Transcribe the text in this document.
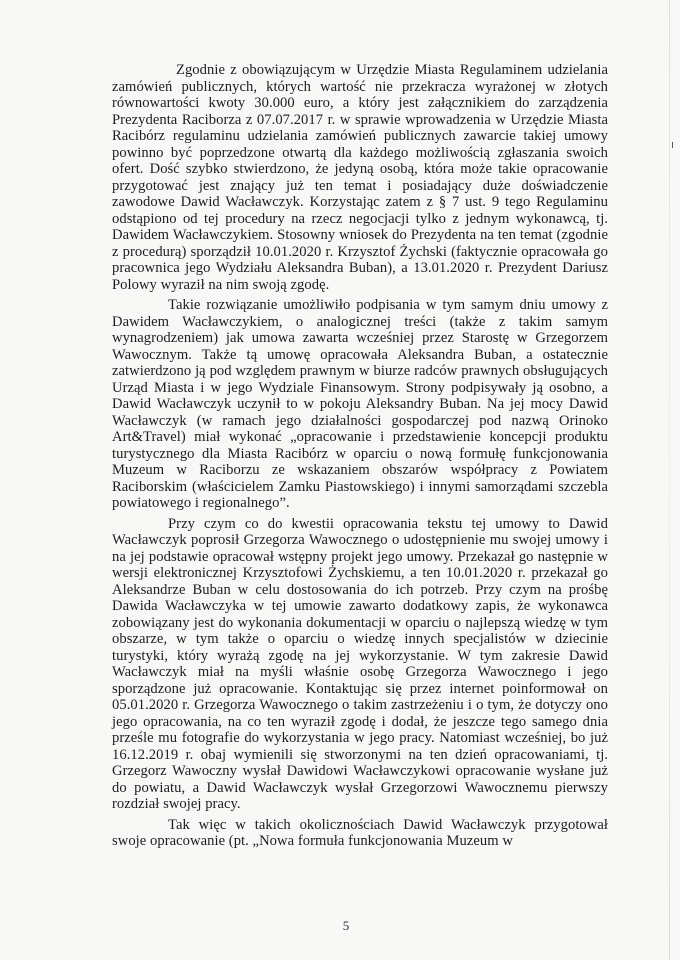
Zgodnie z obowiązującym w Urzędzie Miasta Regulaminem udzielania zamówień publicznych, których wartość nie przekracza wyrażonej w złotych równowartości kwoty 30.000 euro, a który jest załącznikiem do zarządzenia Prezydenta Raciborza z 07.07.2017 r. w sprawie wprowadzenia w Urzędzie Miasta Racibórz regulaminu udzielania zamówień publicznych zawarcie takiej umowy powinno być poprzedzone otwartą dla każdego możliwością zgłaszania swoich ofert. Dość szybko stwierdzono, że jedyną osobą, która może takie opracowanie przygotować jest znający już ten temat i posiadający duże doświadczenie zawodowe Dawid Wacławczyk. Korzystając zatem z § 7 ust. 9 tego Regulaminu odstąpiono od tej procedury na rzecz negocjacji tylko z jednym wykonawcą, tj. Dawidem Wacławczykiem. Stosowny wniosek do Prezydenta na ten temat (zgodnie z procedurą) sporządził 10.01.2020 r. Krzysztof Żychski (faktycznie opracowała go pracownica jego Wydziału Aleksandra Buban), a 13.01.2020 r. Prezydent Dariusz Polowy wyraził na nim swoją zgodę.

Takie rozwiązanie umożliwiło podpisania w tym samym dniu umowy z Dawidem Wacławczykiem, o analogicznej treści (także z takim samym wynagrodzeniem) jak umowa zawarta wcześniej przez Starostę w Grzegorzem Wawocznym. Także tą umowę opracowała Aleksandra Buban, a ostatecznie zatwierdzono ją pod względem prawnym w biurze radców prawnych obsługujących Urząd Miasta i w jego Wydziale Finansowym. Strony podpisywały ją osobno, a Dawid Wacławczyk uczynił to w pokoju Aleksandry Buban. Na jej mocy Dawid Wacławczyk (w ramach jego działalności gospodarczej pod nazwą Orinoko Art&Travel) miał wykonać „opracowanie i przedstawienie koncepcji produktu turystycznego dla Miasta Racibórz w oparciu o nową formułę funkcjonowania Muzeum w Raciborzu ze wskazaniem obszarów współpracy z Powiatem Raciborskim (właścicielem Zamku Piastowskiego) i innymi samorządami szczebla powiatowego i regionalnego”.

Przy czym co do kwestii opracowania tekstu tej umowy to Dawid Wacławczyk poprosił Grzegorza Wawocznego o udostępnienie mu swojej umowy i na jej podstawie opracował wstępny projekt jego umowy. Przekazał go następnie w wersji elektronicznej Krzysztofowi Żychskiemu, a ten 10.01.2020 r. przekazał go Aleksandrze Buban w celu dostosowania do ich potrzeb. Przy czym na prośbę Dawida Wacławczyka w tej umowie zawarto dodatkowy zapis, że wykonawca zobowiązany jest do wykonania dokumentacji w oparciu o najlepszą wiedzę w tym obszarze, w tym także o oparciu o wiedzę innych specjalistów w dziecinie turystyki, który wyrażą zgodę na jej wykorzystanie. W tym zakresie Dawid Wacławczyk miał na myśli właśnie osobę Grzegorza Wawocznego i jego sporządzone już opracowanie. Kontaktując się przez internet poinformował on 05.01.2020 r. Grzegorza Wawocznego o takim zastrzeżeniu i o tym, że dotyczy ono jego opracowania, na co ten wyraził zgodę i dodał, że jeszcze tego samego dnia prześle mu fotografie do wykorzystania w jego pracy. Natomiast wcześniej, bo już 16.12.2019 r. obaj wymienili się stworzonymi na ten dzień opracowaniami, tj. Grzegorz Wawoczny wysłał Dawidowi Wacławczykowi opracowanie wysłane już do powiatu, a Dawid Wacławczyk wysłał Grzegorzowi Wawocznemu pierwszy rozdział swojej pracy.

Tak więc w takich okolicznościach Dawid Wacławczyk przygotował swoje opracowanie (pt. „Nowa formuła funkcjonowania Muzeum w

5
